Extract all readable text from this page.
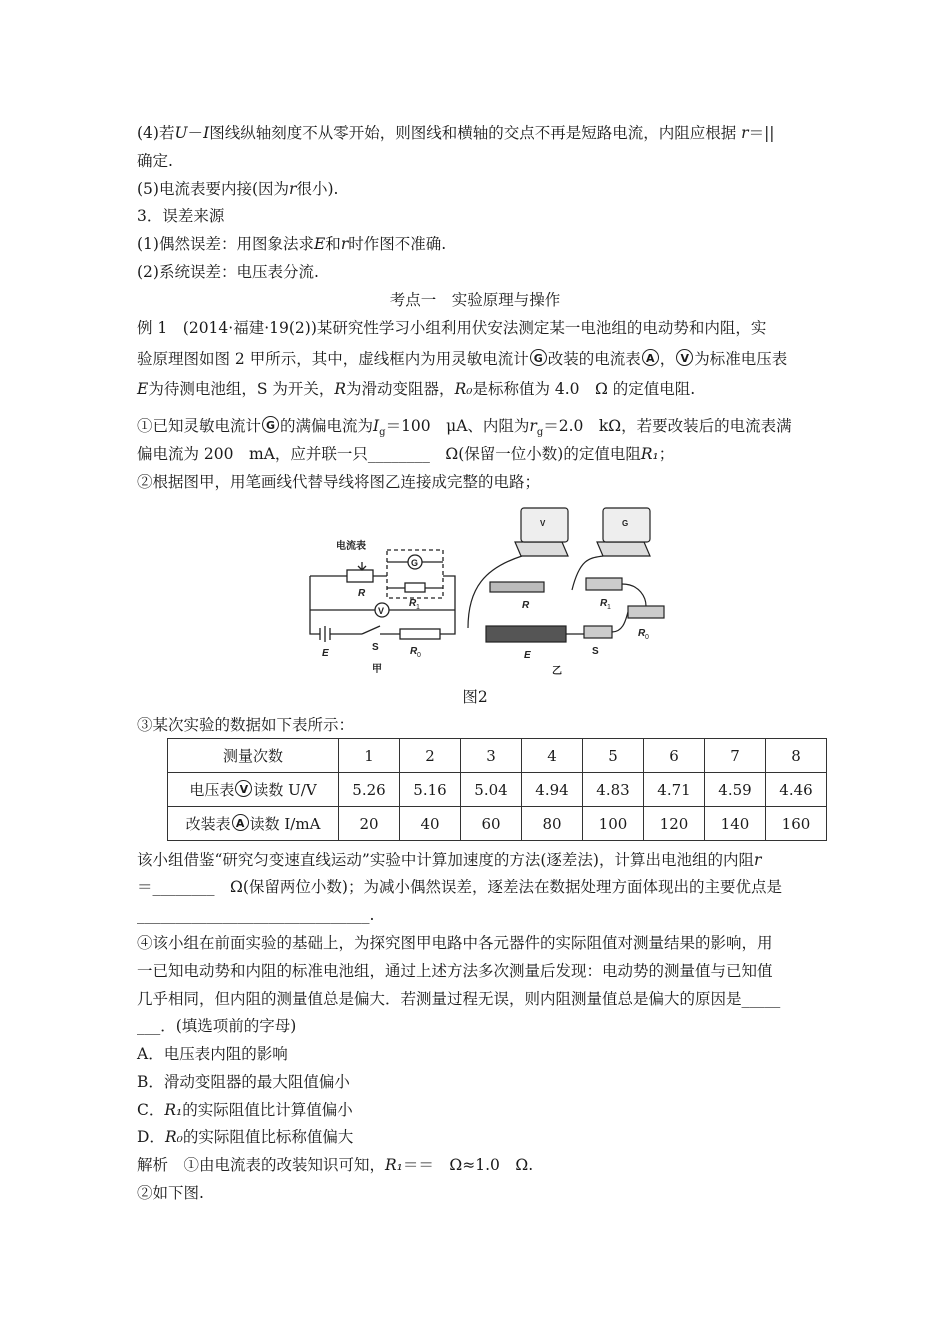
(4)若U－I图线纵轴刻度不从零开始，则图线和横轴的交点不再是短路电流，内阻应根据 r＝||
确定.
(5)电流表要内接(因为r很小).
3．误差来源
(1)偶然误差：用图象法求E和r时作图不准确.
(2)系统误差：电压表分流.
考点一　实验原理与操作
例 1　(2014·福建·19(2))某研究性学习小组利用伏安法测定某一电池组的电动势和内阻，实
验原理图如图 2 甲所示，其中，虚线框内为用灵敏电流计 G 改装的电流表 A ， V 为标准电压表
E为待测电池组，S 为开关，R为滑动变阻器，R₀是标称值为 4.0　Ω 的定值电阻.
①已知灵敏电流计 G 的满偏电流为$I_g=100$　μA、内阻为$r_g=2.0$　kΩ，若要改装后的电流表满
偏电流为 200　mA，应并联一只________　Ω(保留一位小数)的定值电阻R₁；
②根据图甲，用笔画线代替导线将图乙连接成完整的电路；
电流表
R
G
R 1
V
E
S	R 0
甲
V	G
R	R 1
R 0
E	S
乙
图2
③某次实验的数据如下表所示：
测量次数	1	2	3	4	5	6	7	8
电压表 V 读数 U/V	5.26	5.16	5.04	4.94	4.83	4.71	4.59	4.46
改装表 A 读数 I/mA	20	40	60	80	100	120	140	160
该小组借鉴“研究匀变速直线运动”实验中计算加速度的方法(逐差法)，计算出电池组的内阻r
＝________　Ω(保留两位小数)；为减小偶然误差，逐差法在数据处理方面体现出的主要优点是
______________________________.
④该小组在前面实验的基础上，为探究图甲电路中各元器件的实际阻值对测量结果的影响，用
一已知电动势和内阻的标准电池组，通过上述方法多次测量后发现：电动势的测量值与已知值
几乎相同，但内阻的测量值总是偏大．若测量过程无误，则内阻测量值总是偏大的原因是_____
___．(填选项前的字母)
A．电压表内阻的影响
B．滑动变阻器的最大阻值偏小
C．R₁的实际阻值比计算值偏小
D．R₀的实际阻值比标称值偏大
解析　①由电流表的改装知识可知，R₁＝＝　Ω≈1.0　Ω.
②如下图.
